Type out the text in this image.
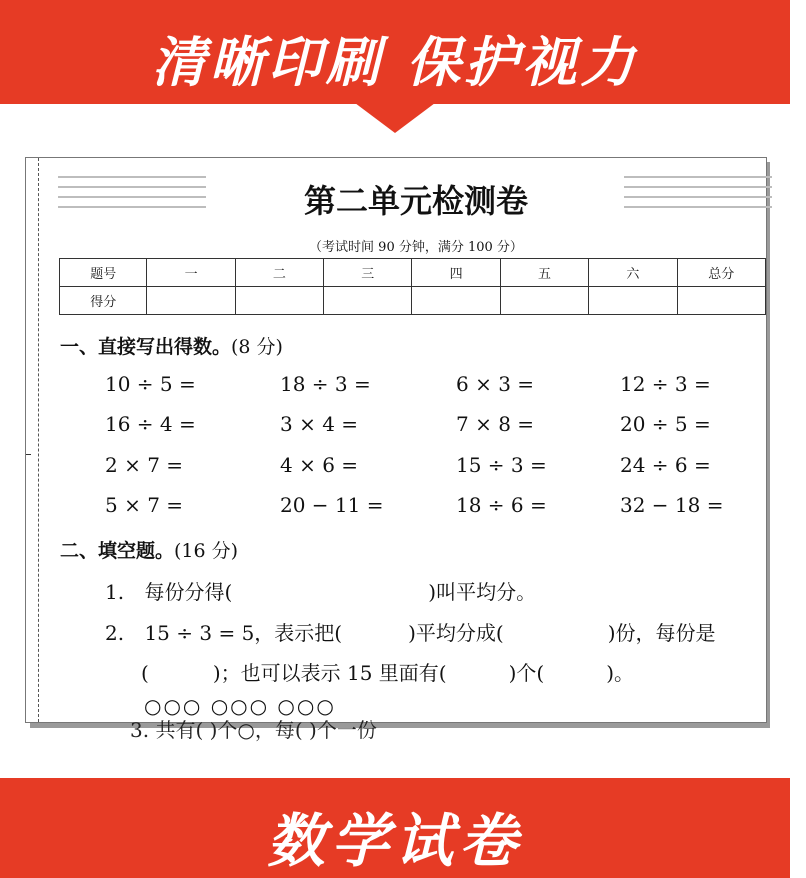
清晰印刷 保护视力
第二单元检测卷
（考试时间 90 分钟，满分 100 分）
题号	一	二	三	四	五	六	总分
得分							
一、直接写出得数。(8 分)
10 ÷ 5 =	18 ÷ 3 =	6 × 3 =	12 ÷ 3 =
16 ÷ 4 =	3 × 4 =	7 × 8 =	20 ÷ 5 =
2 × 7 =	4 × 6 =	15 ÷ 3 =	24 ÷ 6 =
5 × 7 =	20 − 11 =	18 ÷ 6 =	32 − 18 =
二、填空题。(16 分)
1. 每份分得(	)叫平均分。
2. 15 ÷ 3 = 5，表示把(	)平均分成(	)份，每份是
(	)；也可以表示 15 里面有(	)个(	)。
○○○ ○○○ ○○○
3. 共有( )个○，每( )个一份
数学试卷
